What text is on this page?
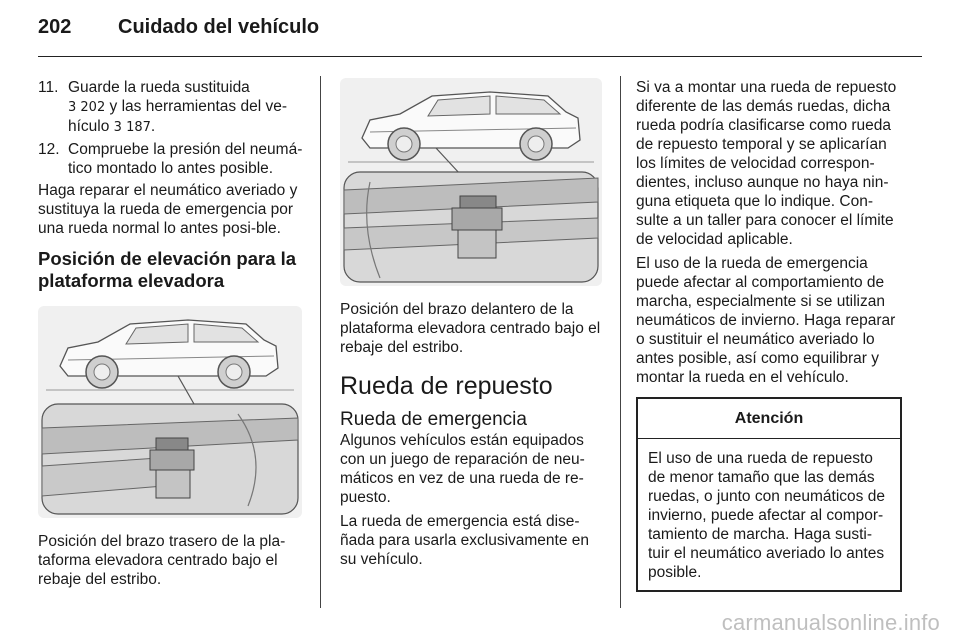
202	Cuidado del vehículo
11. Guarde la rueda sustituida
3 202 y las herramientas del ve-
hículo 3 187.
12. Compruebe la presión del neumá-tico montado lo antes posible.

Haga reparar el neumático averiado y sustituya la rueda de emergencia por una rueda normal lo antes posi-ble.

Posición de elevación para la plataforma elevadora

Posición del brazo trasero de la pla-taforma elevadora centrado bajo el rebaje del estribo.

Posición del brazo delantero de la plataforma elevadora centrado bajo el rebaje del estribo.

Rueda de repuesto
Rueda de emergencia

Algunos vehículos están equipados con un juego de reparación de neu-máticos en vez de una rueda de re-puesto.

La rueda de emergencia está dise-ñada para usarla exclusivamente en su vehículo.

Si va a montar una rueda de repuesto diferente de las demás ruedas, dicha rueda podría clasificarse como rueda de repuesto temporal y se aplicarían los límites de velocidad correspon-dientes, incluso aunque no haya nin-guna etiqueta que lo indique. Con-sulte a un taller para conocer el límite de velocidad aplicable.

El uso de la rueda de emergencia puede afectar al comportamiento de marcha, especialmente si se utilizan neumáticos de invierno. Haga reparar o sustituir el neumático averiado lo antes posible, así como equilibrar y montar la rueda en el vehículo.

Atención
El uso de una rueda de repuesto de menor tamaño que las demás ruedas, o junto con neumáticos de invierno, puede afectar al compor-tamiento de marcha. Haga susti-tuir el neumático averiado lo antes posible.
carmanualsonline.info
